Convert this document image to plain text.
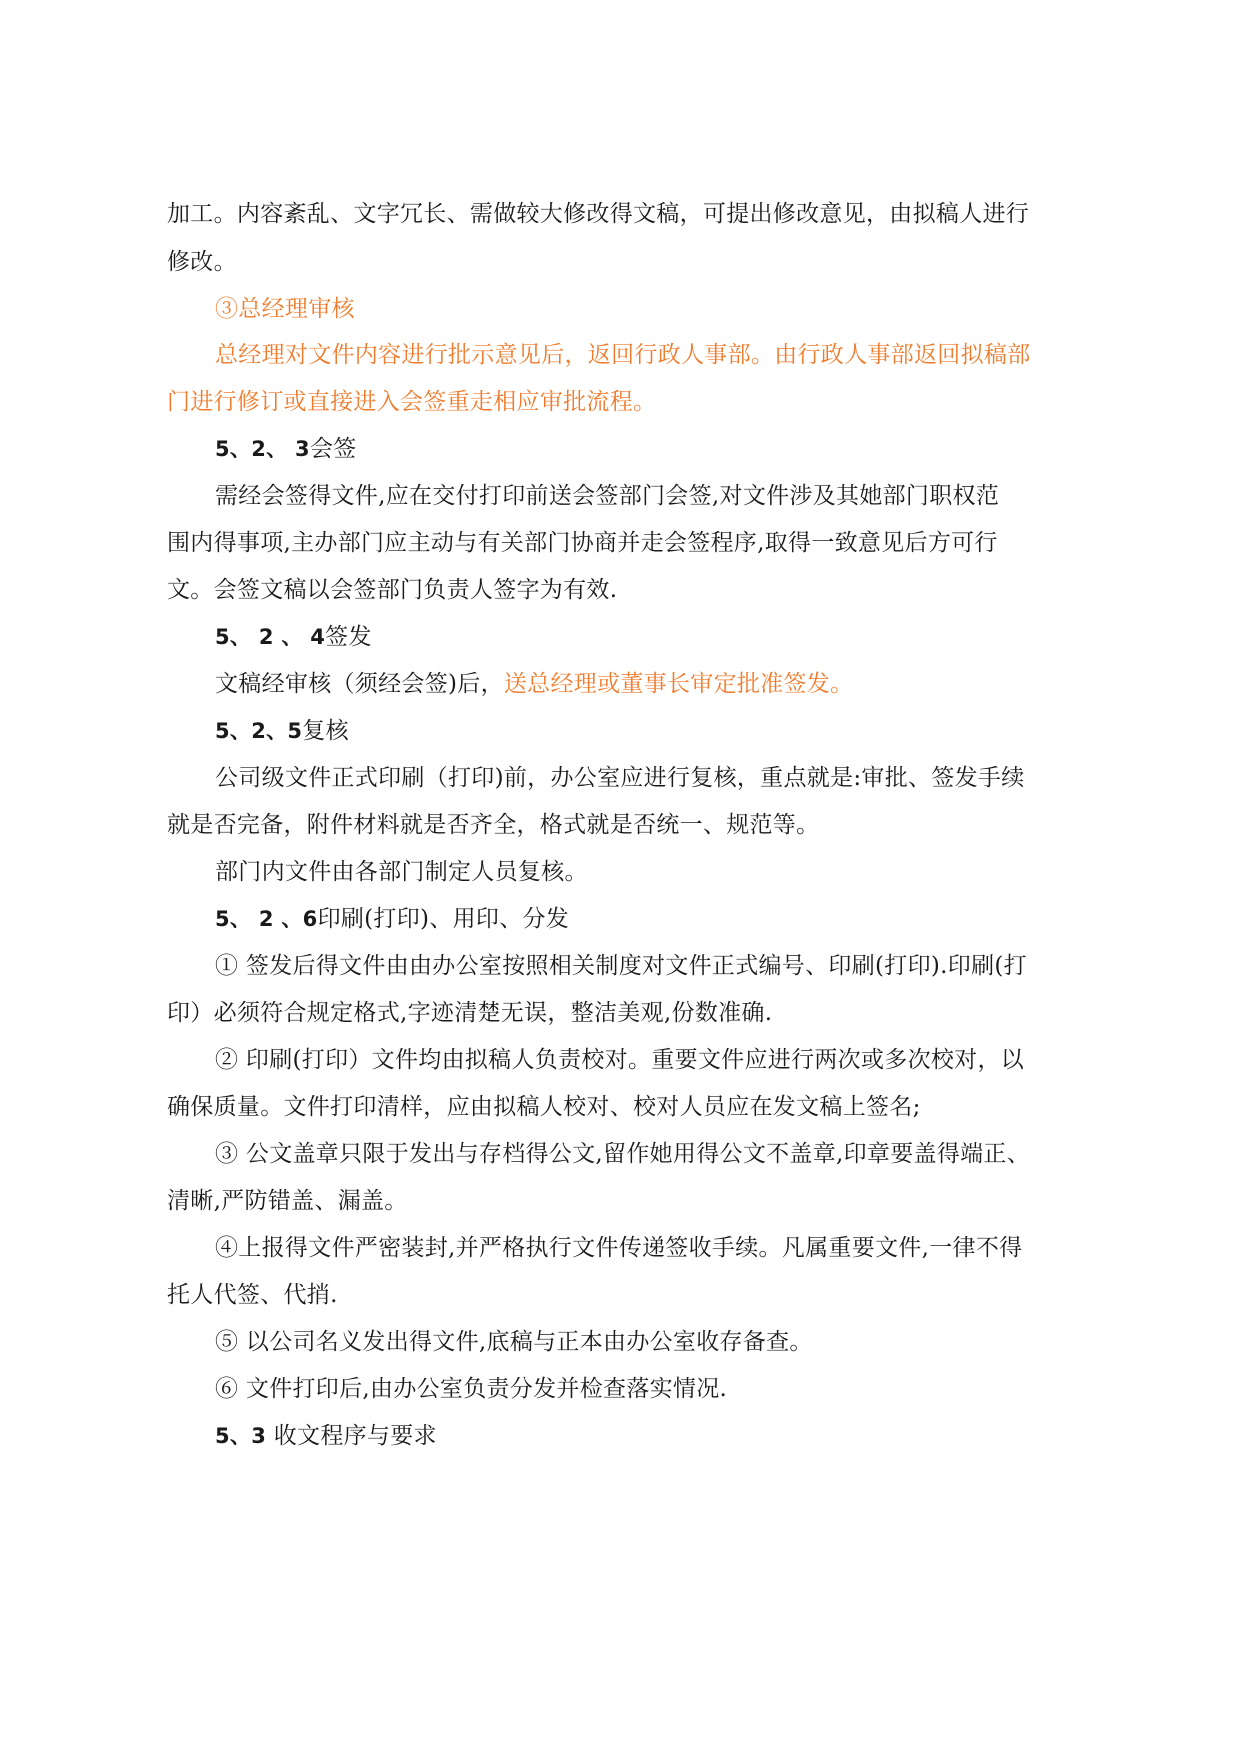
加工。内容紊乱、文字冗长、需做较大修改得文稿，可提出修改意见，由拟稿人进行

修改。

③总经理审核

总经理对文件内容进行批示意见后，返回行政人事部。由行政人事部返回拟稿部

门进行修订或直接进入会签重走相应审批流程。

5、2、 3会签

需经会签得文件,应在交付打印前送会签部门会签,对文件涉及其她部门职权范

围内得事项,主办部门应主动与有关部门协商并走会签程序,取得一致意见后方可行

文。会签文稿以会签部门负责人签字为有效.

5、 2 、 4签发

文稿经审核（须经会签)后，送总经理或董事长审定批准签发。

5、2、5复核

公司级文件正式印刷（打印)前，办公室应进行复核，重点就是:审批、签发手续

就是否完备，附件材料就是否齐全，格式就是否统一、规范等。

部门内文件由各部门制定人员复核。

5、 2 、6印刷(打印)、用印、分发

① 签发后得文件由由办公室按照相关制度对文件正式编号、印刷(打印).印刷(打

印）必须符合规定格式,字迹清楚无误，整洁美观,份数准确.

② 印刷(打印）文件均由拟稿人负责校对。重要文件应进行两次或多次校对，以

确保质量。文件打印清样，应由拟稿人校对、校对人员应在发文稿上签名;

③ 公文盖章只限于发出与存档得公文,留作她用得公文不盖章,印章要盖得端正、

清晰,严防错盖、漏盖。

④上报得文件严密装封,并严格执行文件传递签收手续。凡属重要文件,一律不得

托人代签、代捎.

⑤ 以公司名义发出得文件,底稿与正本由办公室收存备查。

⑥ 文件打印后,由办公室负责分发并检查落实情况.

5、3 收文程序与要求
